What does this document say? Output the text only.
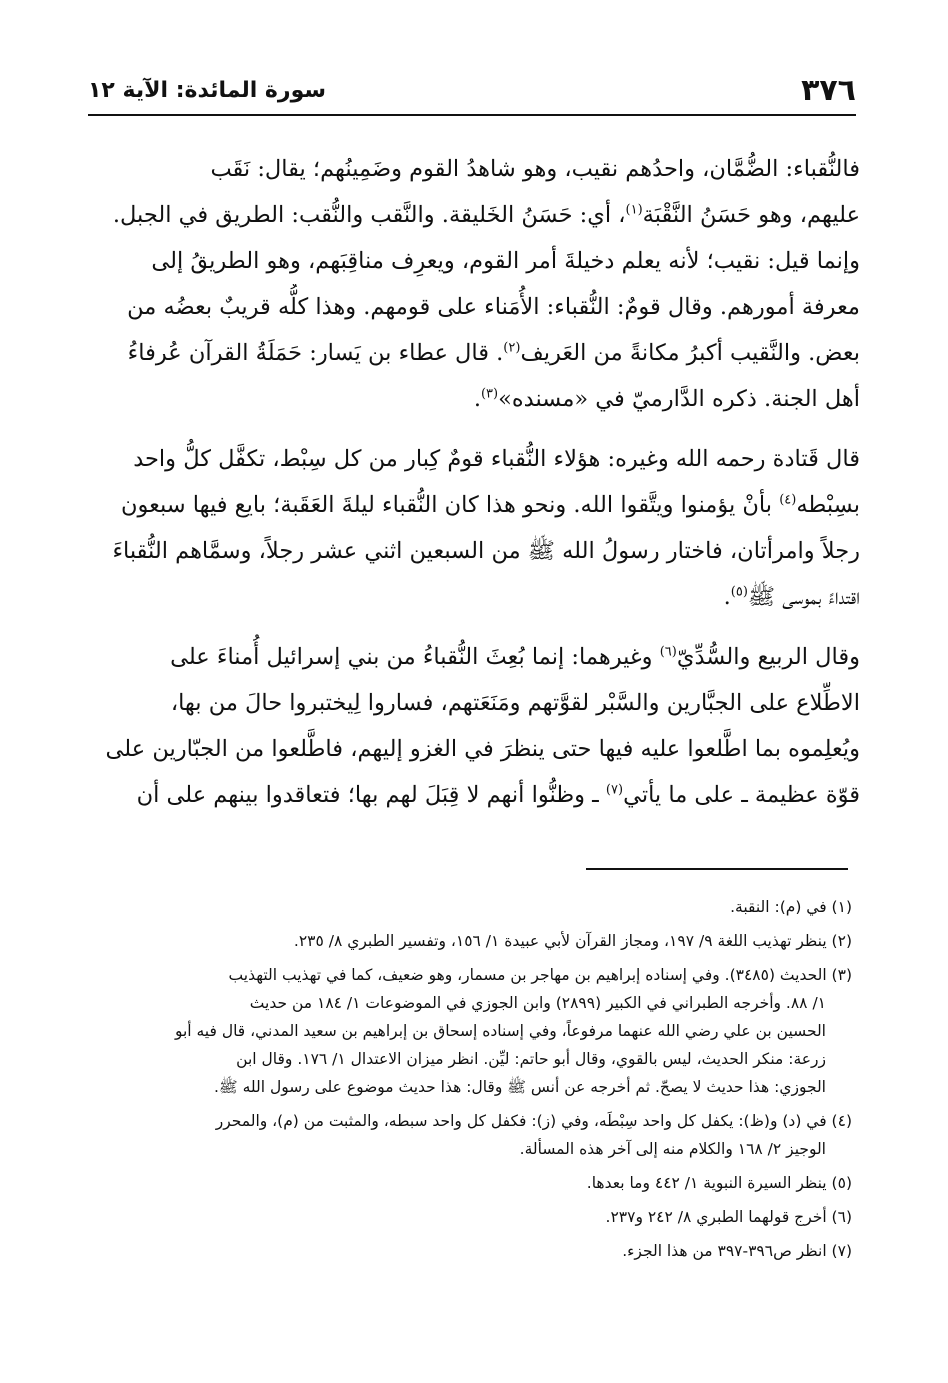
٣٧٦
سورة المائدة: الآية ١٢

فالنُّقباء: الضُّمَّان، واحدُهم نقيب، وهو شاهدُ القوم وضَمِينُهم؛ يقال: نَقَب
عليهم، وهو حَسَنُ النَّقْبَة$^{(١)}$، أي: حَسَنُ الخَليقة. والنَّقب والنُّقب: الطريق في الجبل.
وإنما قيل: نقيب؛ لأنه يعلم دخيلةَ أمر القوم، ويعرِف مناقِبَهم، وهو الطريقُ إلى
معرفة أمورهم. وقال قومٌ: النُّقباء: الأُمَناء على قومهم. وهذا كلُّه قريبٌ بعضُه من
بعض. والنَّقيب أكبرُ مكانةً من العَريف$^{(٢)}$. قال عطاء بن يَسار: حَمَلَةُ القرآن عُرفاءُ
أهل الجنة. ذكره الدَّارميّ في «مسنده»$^{(٣)}$.

قال قَتادة رحمه الله وغيره: هؤلاء النُّقباء قومٌ كِبار من كل سِبْط، تكفَّل كلُّ واحد
بسِبْطه$^{(٤)}$ بأنْ يؤمنوا ويتَّقوا الله. ونحو هذا كان النُّقباء ليلةَ العَقَبة؛ بايع فيها سبعون
رجلاً وامرأتان، فاختار رسولُ الله ﷺ من السبعين اثني عشر رجلاً، وسمَّاهم النُّقباءَ
اقتداءً بموسى ﷺ$^{(٥)}$.

وقال الربيع والسُّدِّيّ$^{(٦)}$ وغيرهما: إنما بُعِثَ النُّقباءُ من بني إسرائيل أُمناءَ على
الاطِّلاع على الجبَّارين والسَّبْر لقوَّتهم ومَنَعَتهم، فساروا لِيختبروا حالَ من بها،
ويُعلِموه بما اطَّلعوا عليه فيها حتى ينظرَ في الغزو إليهم، فاطَّلعوا من الجبّارين على
قوّة عظيمة ـ على ما يأتي$^{(٧)}$ ـ وظنُّوا أنهم لا قِبَلَ لهم بها؛ فتعاقدوا بينهم على أن

(١) في (م): النقبة.

(٢) ينظر تهذيب اللغة ٩/ ١٩٧، ومجاز القرآن لأبي عبيدة ١/ ١٥٦، وتفسير الطبري ٨/ ٢٣٥.

(٣) الحديث (٣٤٨٥). وفي إسناده إبراهيم بن مهاجر بن مسمار، وهو ضعيف، كما في تهذيب التهذيب
١/ ٨٨. وأخرجه الطبراني في الكبير (٢٨٩٩) وابن الجوزي في الموضوعات ١/ ١٨٤ من حديث
الحسين بن علي رضي الله عنهما مرفوعاً، وفي إسناده إسحاق بن إبراهيم بن سعيد المدني، قال فيه أبو
زرعة: منكر الحديث، ليس بالقوي، وقال أبو حاتم: ليِّن. انظر ميزان الاعتدال ١/ ١٧٦. وقال ابن
الجوزي: هذا حديث لا يصحّ. ثم أخرجه عن أنس ﷺ وقال: هذا حديث موضوع على رسول الله ﷺ.

(٤) في (د) و(ظ): يكفل كل واحد سِبْطَه، وفي (ز): فكفل كل واحد سبطه، والمثبت من (م)، والمحرر
الوجيز ٢/ ١٦٨ والكلام منه إلى آخر هذه المسألة.

(٥) ينظر السيرة النبوية ١/ ٤٤٢ وما بعدها.

(٦) أخرج قولهما الطبري ٨/ ٢٤٢ و٢٣٧.

(٧) انظر ص٣٩٦-٣٩٧ من هذا الجزء.
